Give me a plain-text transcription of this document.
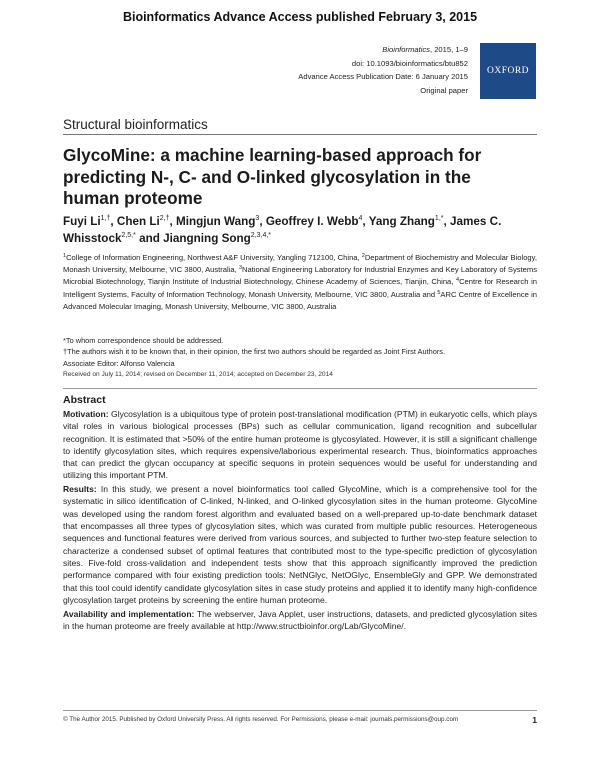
Bioinformatics Advance Access published February 3, 2015
Bioinformatics, 2015, 1–9
doi: 10.1093/bioinformatics/btu852
Advance Access Publication Date: 6 January 2015
Original paper
OXFORD
Structural bioinformatics
GlycoMine: a machine learning-based approach for predicting N-, C- and O-linked glycosylation in the human proteome
Fuyi $Li^{1,\dagger}$, Chen $Li^{2,\dagger}$, Mingjun Wang$^3$, Geoffrey I. Webb$^4$, Yang Zhang$^{1,*}$, James C. Whisstock$^{2,5,*}$ and Jiangning Song$^{2,3,4,*}$
$^1$College of Information Engineering, Northwest A&F University, Yangling 712100, China, $^2$Department of Biochemistry and Molecular Biology, Monash University, Melbourne, VIC 3800, Australia, $^3$National Engineering Laboratory for Industrial Enzymes and Key Laboratory of Systems Microbial Biotechnology, Tianjin Institute of Industrial Biotechnology, Chinese Academy of Sciences, Tianjin, China, $^4$Centre for Research in Intelligent Systems, Faculty of Information Technology, Monash University, Melbourne, VIC 3800, Australia and $^5$ARC Centre of Excellence in Advanced Molecular Imaging, Monash University, Melbourne, VIC 3800, Australia
*To whom correspondence should be addressed.
†The authors wish it to be known that, in their opinion, the first two authors should be regarded as Joint First Authors.
Associate Editor: Alfonso Valencia
Received on July 11, 2014; revised on December 11, 2014; accepted on December 23, 2014
Abstract

Motivation: Glycosylation is a ubiquitous type of protein post-translational modification (PTM) in eukaryotic cells, which plays vital roles in various biological processes (BPs) such as cellular communication, ligand recognition and subcellular recognition. It is estimated that >50% of the entire human proteome is glycosylated. However, it is still a significant challenge to identify glycosylation sites, which requires expensive/laborious experimental research. Thus, bioinformatics approaches that can predict the glycan occupancy at specific sequons in protein sequences would be useful for understanding and utilizing this important PTM.

Results: In this study, we present a novel bioinformatics tool called GlycoMine, which is a comprehensive tool for the systematic in silico identification of C-linked, N-linked, and O-linked glycosylation sites in the human proteome. GlycoMine was developed using the random forest algorithm and evaluated based on a well-prepared up-to-date benchmark dataset that encompasses all three types of glycosylation sites, which was curated from multiple public resources. Heterogeneous sequences and functional features were derived from various sources, and subjected to further two-step feature selection to characterize a condensed subset of optimal features that contributed most to the type-specific prediction of glycosylation sites. Five-fold cross-validation and independent tests show that this approach significantly improved the prediction performance compared with four existing prediction tools: NetNGlyc, NetOGlyc, EnsembleGly and GPP. We demonstrated that this tool could identify candidate glycosylation sites in case study proteins and applied it to identify many high-confidence glycosylation target proteins by screening the entire human proteome.

Availability and implementation: The webserver, Java Applet, user instructions, datasets, and predicted glycosylation sites in the human proteome are freely available at http://www.structbioinfor.org/Lab/GlycoMine/.

© The Author 2015. Published by Oxford University Press. All rights reserved. For Permissions, please e-mail: journals.permissions@oup.com	1
